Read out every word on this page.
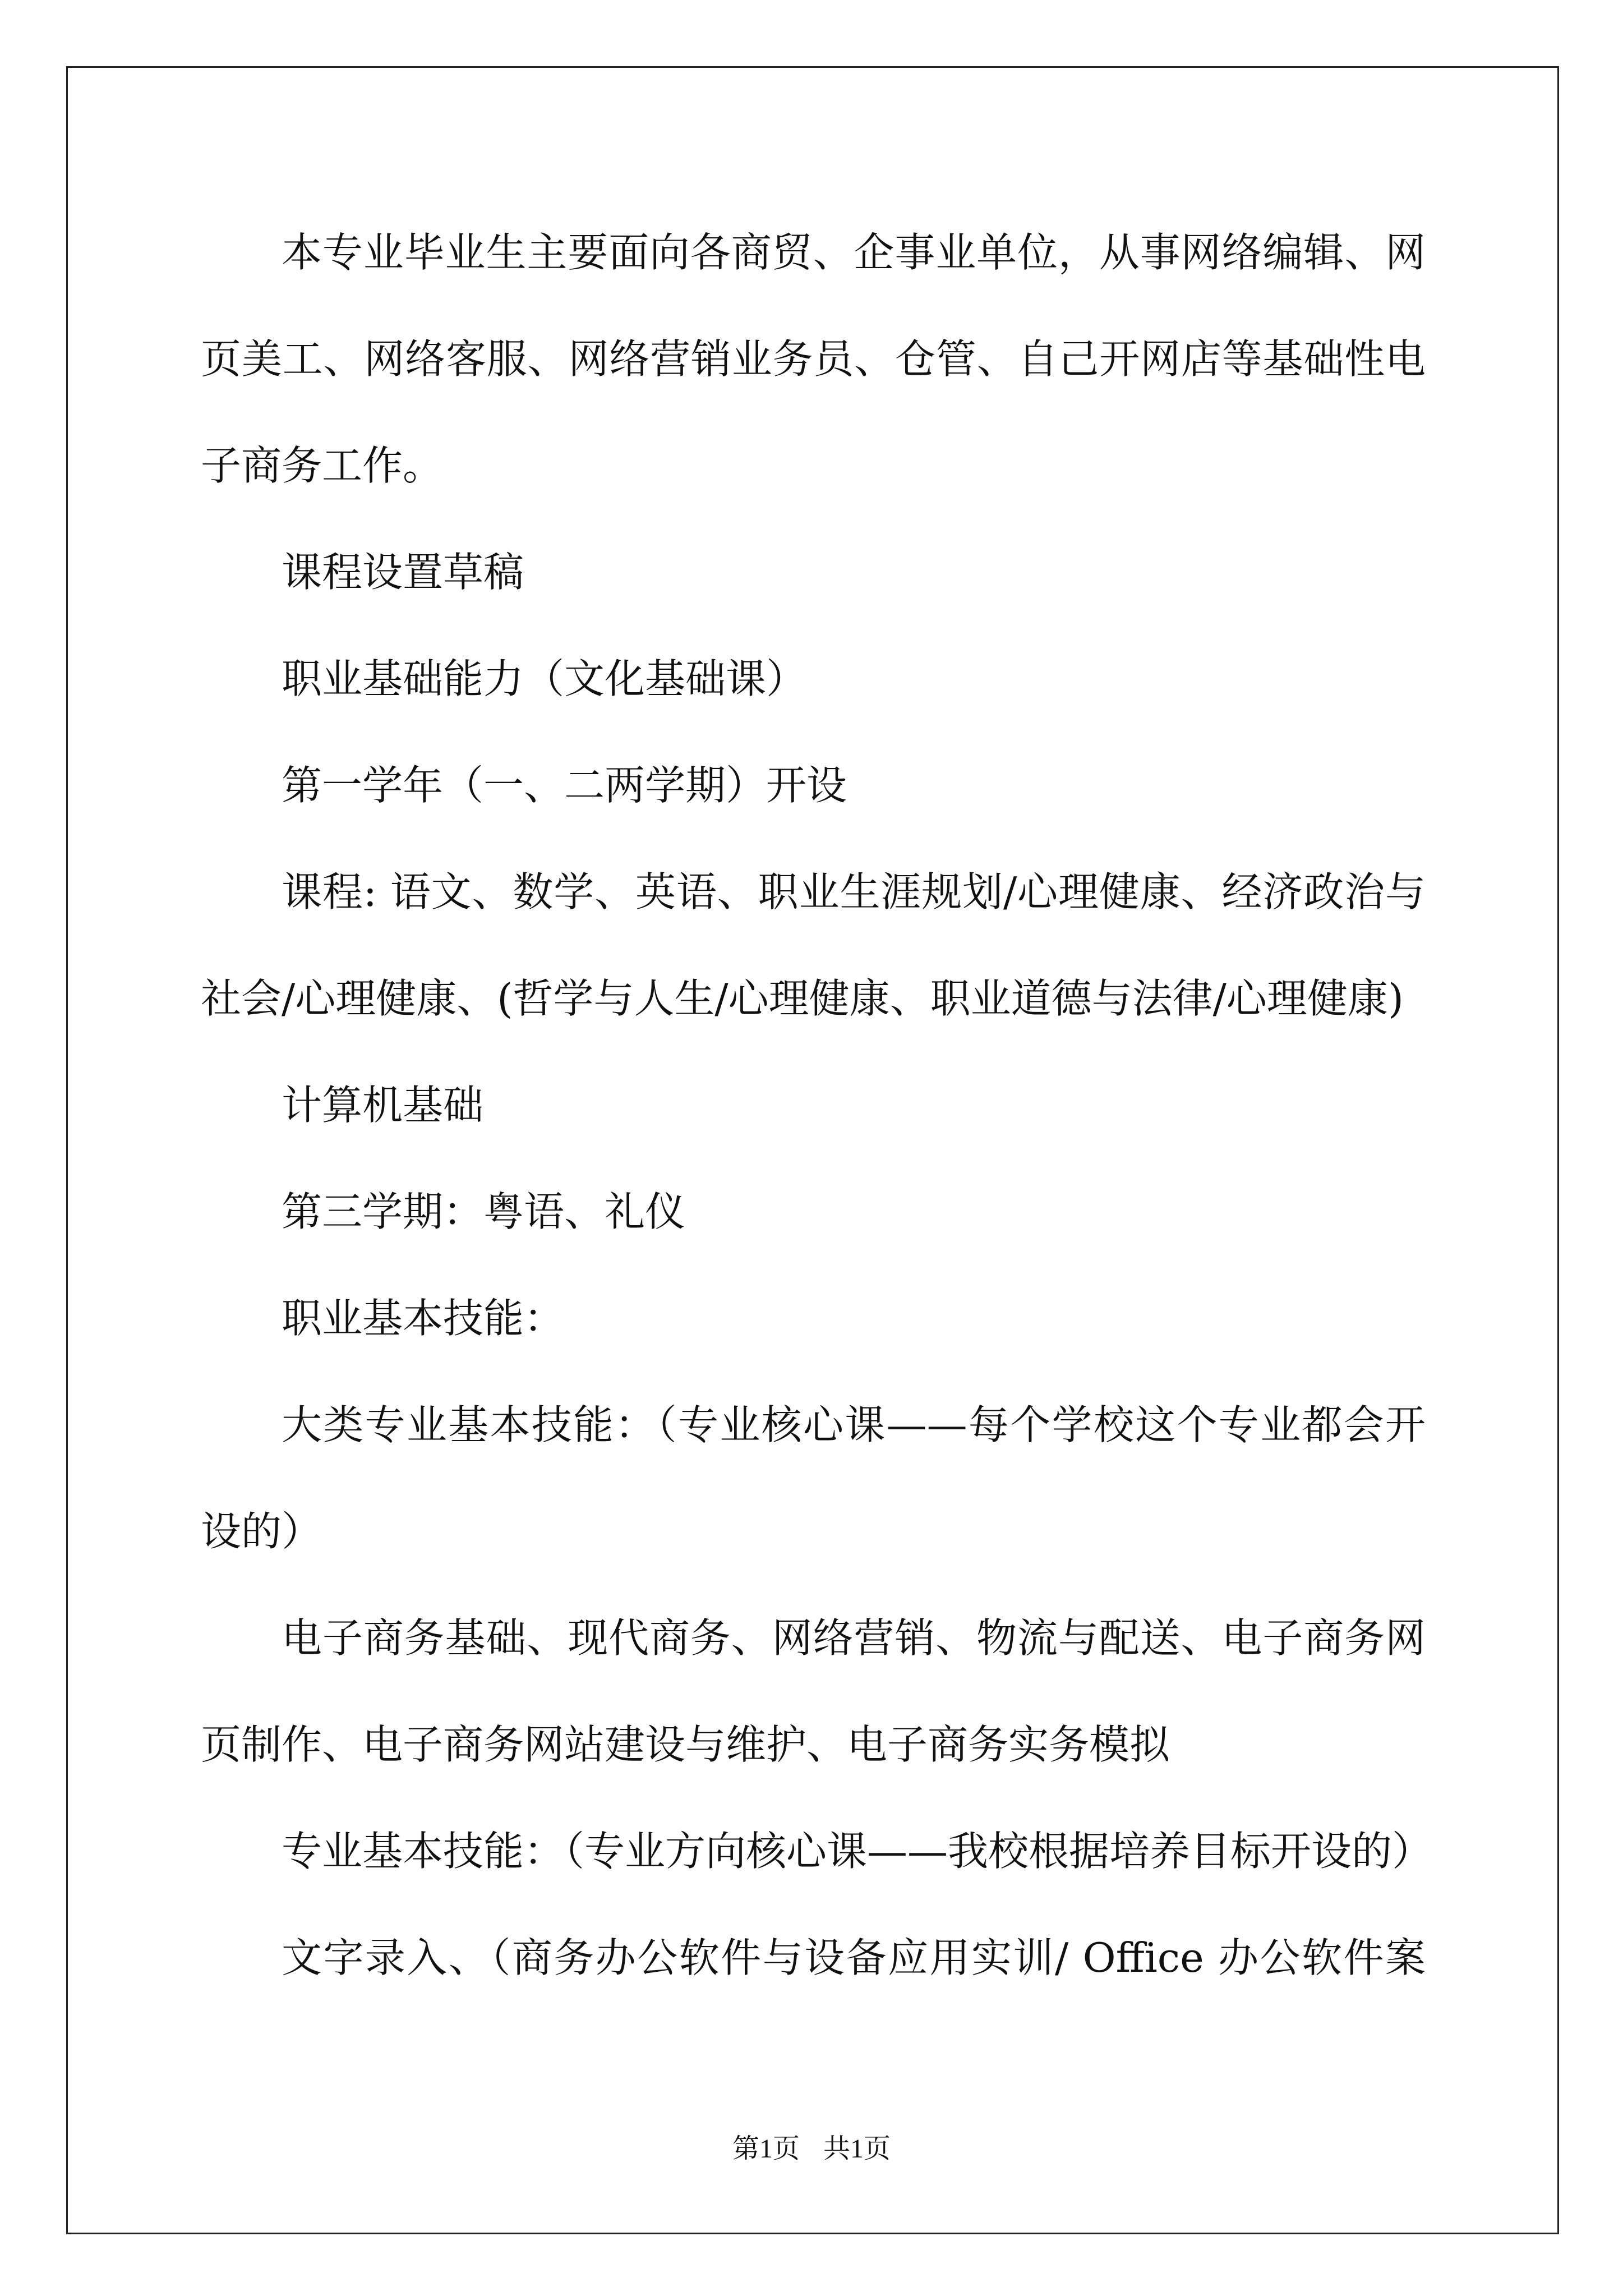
本专业毕业生主要面向各商贸、企事业单位，从事网络编辑、网
页美工、网络客服、网络营销业务员、仓管、自己开网店等基础性电
子商务工作。
课程设置草稿
职业基础能力（文化基础课）
第一学年（一、二两学期）开设
课程: 语文、数学、英语、职业生涯规划/心理健康、经济政治与
社会/心理健康、(哲学与人生/心理健康、职业道德与法律/心理健康)
计算机基础
第三学期：粤语、礼仪
职业基本技能：
大类专业基本技能：（专业核心课——每个学校这个专业都会开
设的）
电子商务基础、现代商务、网络营销、物流与配送、电子商务网
页制作、电子商务网站建设与维护、电子商务实务模拟
专业基本技能：（专业方向核心课——我校根据培养目标开设的）
文字录入、（商务办公软件与设备应用实训/ Office 办公软件案
第1页 共1页
